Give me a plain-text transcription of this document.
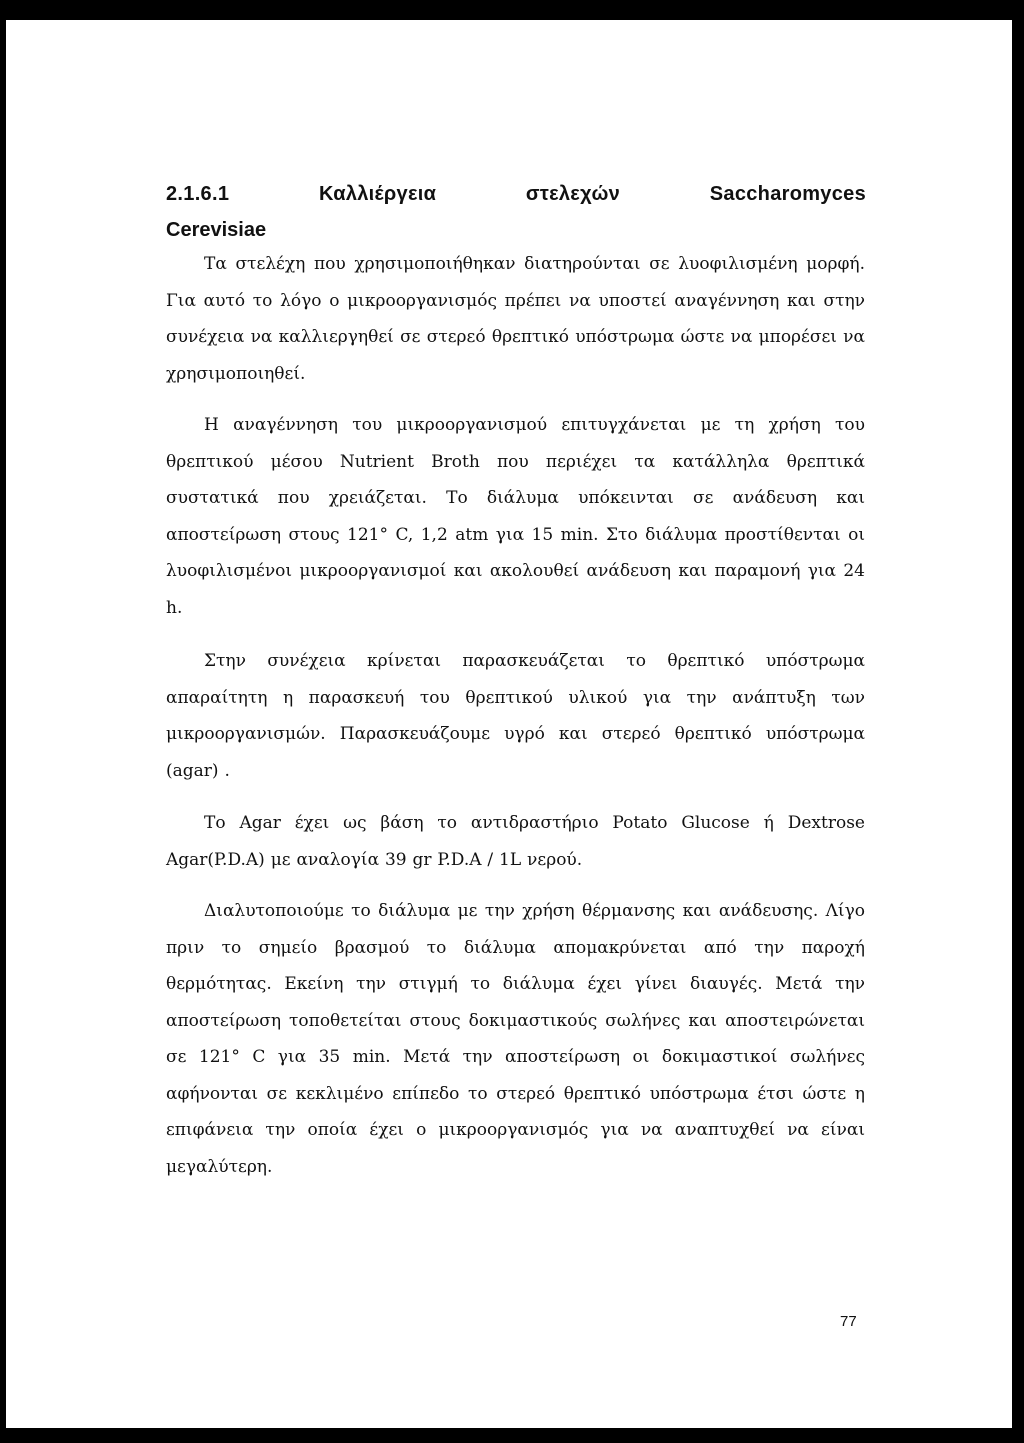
2.1.6.1	Καλλιέργεια	στελεχών	Saccharomyces
Cerevisiae

Τα στελέχη που χρησιμοποιήθηκαν διατηρούνται σε λυοφιλισμένη μορφή. Για αυτό το λόγο ο μικροοργανισμός πρέπει να υποστεί αναγέννηση και στην συνέχεια να καλλιεργηθεί σε στερεό θρεπτικό υπόστρωμα ώστε να μπορέσει να χρησιμοποιηθεί.

Η αναγέννηση του μικροοργανισμού επιτυγχάνεται με τη χρήση του θρεπτικού μέσου Nutrient Broth που περιέχει τα κατάλληλα θρεπτικά συστατικά που χρειάζεται. Το διάλυμα υπόκεινται σε ανάδευση και αποστείρωση στους 121° C, 1,2 atm για 15 min. Στο διάλυμα προστίθενται οι λυοφιλισμένοι μικροοργανισμοί και ακολουθεί ανάδευση και παραμονή για 24 h.

Στην συνέχεια κρίνεται παρασκευάζεται το θρεπτικό υπόστρωμα απαραίτητη η παρασκευή του θρεπτικού υλικού για την ανάπτυξη των μικροοργανισμών. Παρασκευάζουμε υγρό και στερεό θρεπτικό υπόστρωμα (agar) .

Το Agar έχει ως βάση το αντιδραστήριο Potato Glucose ή Dextrose Agar(P.D.A) με αναλογία 39 gr P.D.A / 1L νερού.

Διαλυτοποιούμε το διάλυμα με την χρήση θέρμανσης και ανάδευσης. Λίγο πριν το σημείο βρασμού το διάλυμα απομακρύνεται από την παροχή θερμότητας. Εκείνη την στιγμή το διάλυμα έχει γίνει διαυγές. Μετά την αποστείρωση τοποθετείται στους δοκιμαστικούς σωλήνες και αποστειρώνεται σε 121° C για 35 min. Μετά την αποστείρωση οι δοκιμαστικοί σωλήνες αφήνονται σε κεκλιμένο επίπεδο το στερεό θρεπτικό υπόστρωμα έτσι ώστε η επιφάνεια την οποία έχει ο μικροοργανισμός για να αναπτυχθεί να είναι μεγαλύτερη.

77
